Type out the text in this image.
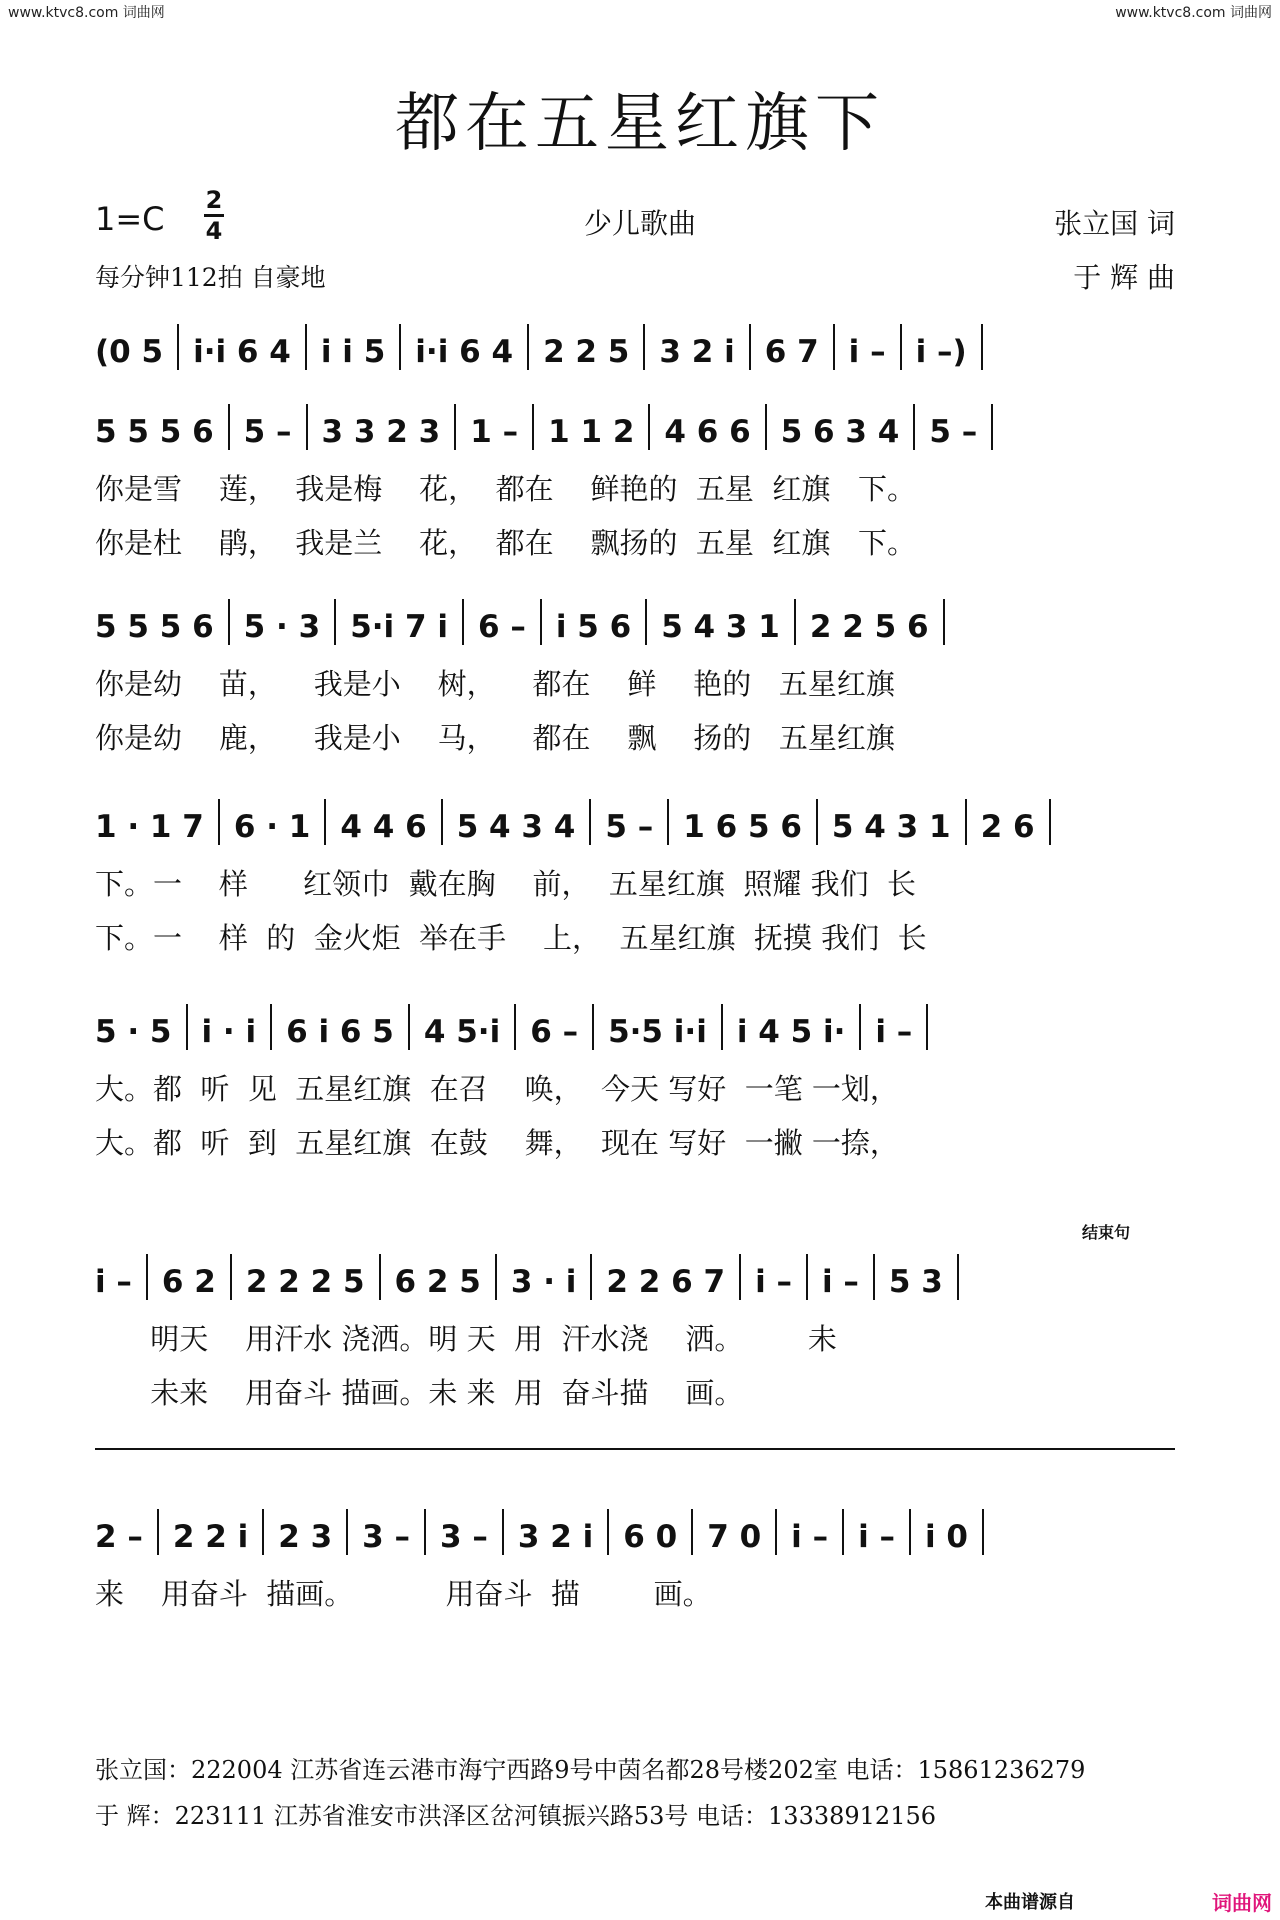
www.ktvc8.com 词曲网	www.ktvc8.com 词曲网
都在五星红旗下
1=C 2
4	少儿歌曲	张立国 词
于 辉 曲
每分钟112拍 自豪地
(0 5 i·i 6 4 i i 5 i·i 6 4 2 2 5 3 2 i 6 7 i – i –)
5 5 5 6 5 – 3 3 2 3 1 – 1 1 2 4 6 6 5 6 3 4 5 –
你是雪    莲，  我是梅    花，  都在    鲜艳的  五星  红旗   下。
你是杜    鹃，  我是兰    花，  都在    飘扬的  五星  红旗   下。
5 5 5 6 5 · 3 5·i 7 i 6 – i 5 6 5 4 3 1 2 2 5 6
你是幼    苗，    我是小    树，    都在    鲜    艳的   五星红旗
你是幼    鹿，    我是小    马，    都在    飘    扬的   五星红旗
1 · 1 7 6 · 1 4 4 6 5 4 3 4 5 – 1 6 5 6 5 4 3 1 2 6
下。一    样      红领巾  戴在胸    前，  五星红旗  照耀 我们  长
下。一    样  的  金火炬  举在手    上，  五星红旗  抚摸 我们  长
5 · 5 i · i 6 i 6 5 4 5·i 6 – 5·5 i·i i 4 5 i· i –
大。都  听  见  五星红旗  在召    唤，  今天 写好  一笔 一划，
大。都  听  到  五星红旗  在鼓    舞，  现在 写好  一撇 一捺，
结束句
i – 6 2 2 2 2 5 6 2 5 3 · i 2 2 6 7 i – i – 5 3
明天    用汗水 浇洒。明 天  用  汗水浇    洒。       未
未来    用奋斗 描画。未 来  用  奋斗描    画。
2 – 2 2 i 2 3 3 – 3 – 3 2 i 6 0 7 0 i – i – i 0
来    用奋斗  描画。          用奋斗  描        画。
张立国：222004 江苏省连云港市海宁西路9号中茵名都28号楼202室 电话：15861236279
于 辉：223111 江苏省淮安市洪泽区岔河镇振兴路53号 电话：13338912156
本曲谱源自	词曲网
